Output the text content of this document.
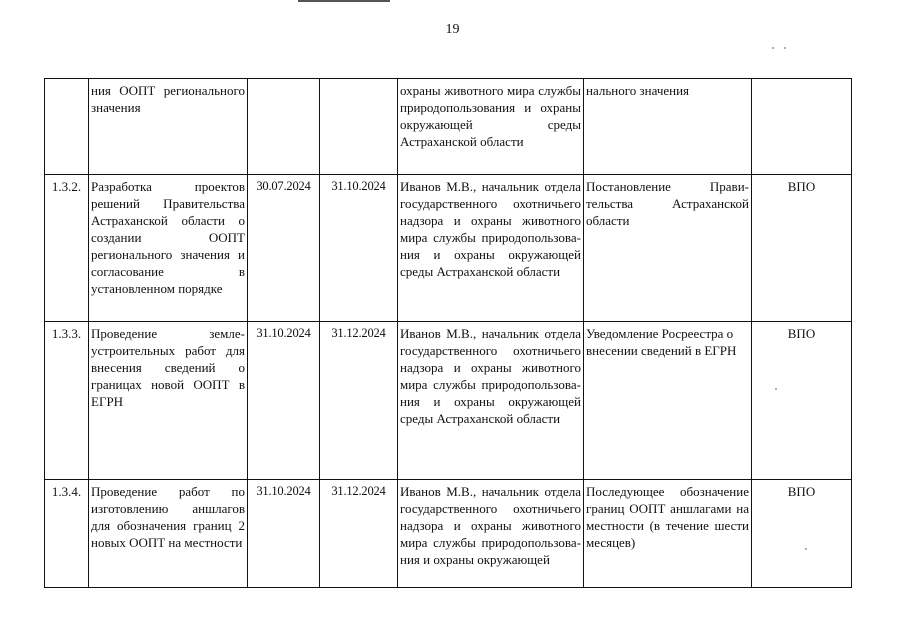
19
	ния ООПТ регионального значения			охраны животного мира службы природопользования и охраны окружающей среды Астраханской области	нального значения	
1.3.2.	Разработка проектов решений Правительства Астраханской области о создании ООПТ регионального значения и согласование в установленном порядке	30.07.2024	31.10.2024	Иванов М.В., начальник отдела государственного охотничьего надзора и охраны животного мира службы природопользования и охраны окружающей среды Астраханской области	Постановление Правительства Астраханской области	ВПО
1.3.3.	Проведение землеустроительных работ для внесения сведений о границах новой ООПТ в ЕГРН	31.10.2024	31.12.2024	Иванов М.В., начальник отдела государственного охотничьего надзора и охраны животного мира службы природопользования и охраны окружающей среды Астраханской области	Уведомление Росреестра о внесении сведений в ЕГРН	ВПО
1.3.4.	Проведение работ по изготовлению аншлагов для обозначения границ 2 новых ООПТ на местности	31.10.2024	31.12.2024	Иванов М.В., начальник отдела государственного охотничьего надзора и охраны животного мира службы природопользования и охраны окружающей	Последующее обозначение границ ООПТ аншлагами на местности (в течение шести месяцев)	ВПО
